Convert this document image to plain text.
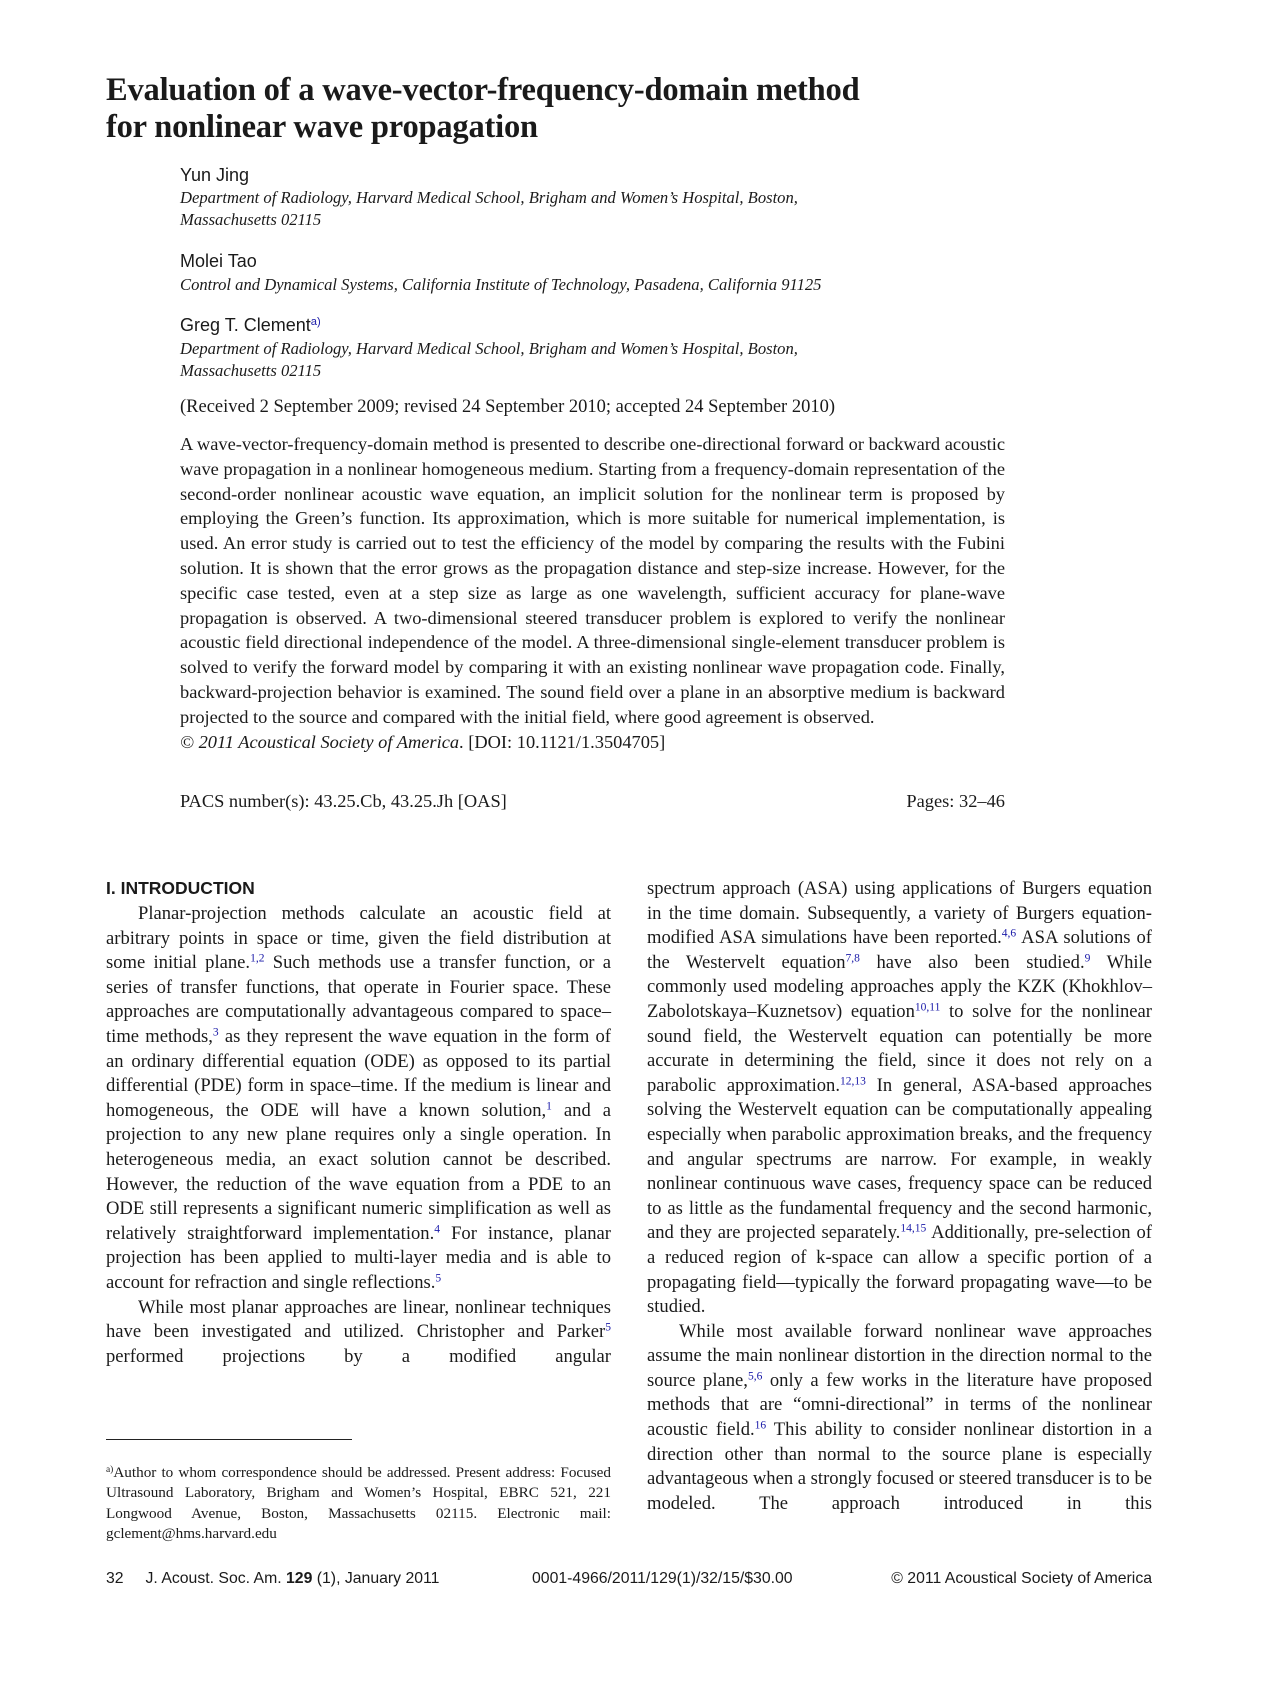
Evaluation of a wave-vector-frequency-domain method
for nonlinear wave propagation
Yun Jing
Department of Radiology, Harvard Medical School, Brigham and Women’s Hospital, Boston,
Massachusetts 02115
Molei Tao
Control and Dynamical Systems, California Institute of Technology, Pasadena, California 91125
Greg T. Clement$^{a)}$
Department of Radiology, Harvard Medical School, Brigham and Women’s Hospital, Boston,
Massachusetts 02115
(Received 2 September 2009; revised 24 September 2010; accepted 24 September 2010)
A wave-vector-frequency-domain method is presented to describe one-directional forward or backward acoustic wave propagation in a nonlinear homogeneous medium. Starting from a frequency-domain representation of the second-order nonlinear acoustic wave equation, an implicit solution for the nonlinear term is proposed by employing the Green’s function. Its approximation, which is more suitable for numerical implementation, is used. An error study is carried out to test the efficiency of the model by comparing the results with the Fubini solution. It is shown that the error grows as the propagation distance and step-size increase. However, for the specific case tested, even at a step size as large as one wavelength, sufficient accuracy for plane-wave propagation is observed. A two-dimensional steered transducer problem is explored to verify the nonlinear acoustic field directional independence of the model. A three-dimensional single-element transducer problem is solved to verify the forward model by comparing it with an existing nonlinear wave propagation code. Finally, backward-projection behavior is examined. The sound field over a plane in an absorptive medium is backward projected to the source and compared with the initial field, where good agreement is observed.
© 2011 Acoustical Society of America. [DOI: 10.1121/1.3504705]
PACS number(s): 43.25.Cb, 43.25.Jh [OAS]	Pages: 32–46
I. INTRODUCTION

Planar-projection methods calculate an acoustic field at arbitrary points in space or time, given the field distribution at some initial plane.$^{1,2}$ Such methods use a transfer function, or a series of transfer functions, that operate in Fourier space. These approaches are computationally advantageous compared to space–time methods,$^3$ as they represent the wave equation in the form of an ordinary differential equation (ODE) as opposed to its partial differential (PDE) form in space–time. If the medium is linear and homogeneous, the ODE will have a known solution,$^1$ and a projection to any new plane requires only a single operation. In heterogeneous media, an exact solution cannot be described. However, the reduction of the wave equation from a PDE to an ODE still represents a significant numeric simplification as well as relatively straightforward implementation.$^4$ For instance, planar projection has been applied to multi-layer media and is able to account for refraction and single reflections.$^5$

While most planar approaches are linear, nonlinear techniques have been investigated and utilized. Christopher and Parker$^5$ performed projections by a modified angular

spectrum approach (ASA) using applications of Burgers equation in the time domain. Subsequently, a variety of Burgers equation-modified ASA simulations have been reported.$^{4,6}$ ASA solutions of the Westervelt equation$^{7,8}$ have also been studied.$^9$ While commonly used modeling approaches apply the KZK (Khokhlov–Zabolotskaya–Kuznetsov) equation$^{10,11}$ to solve for the nonlinear sound field, the Westervelt equation can potentially be more accurate in determining the field, since it does not rely on a parabolic approximation.$^{12,13}$ In general, ASA-based approaches solving the Westervelt equation can be computationally appealing especially when parabolic approximation breaks, and the frequency and angular spectrums are narrow. For example, in weakly nonlinear continuous wave cases, frequency space can be reduced to as little as the fundamental frequency and the second harmonic, and they are projected separately.$^{14,15}$ Additionally, pre-selection of a reduced region of k-space can allow a specific portion of a propagating field—typically the forward propagating wave—to be studied.

While most available forward nonlinear wave approaches assume the main nonlinear distortion in the direction normal to the source plane,$^{5,6}$ only a few works in the literature have proposed methods that are “omni-directional” in terms of the nonlinear acoustic field.$^{16}$ This ability to consider nonlinear distortion in a direction other than normal to the source plane is especially advantageous when a strongly focused or steered transducer is to be modeled. The approach introduced in this

$^{a)}$Author to whom correspondence should be addressed. Present address: Focused Ultrasound Laboratory, Brigham and Women’s Hospital, EBRC 521, 221 Longwood Avenue, Boston, Massachusetts 02115. Electronic mail: gclement@hms.harvard.edu
32 J. Acoust. Soc. Am. 129 (1), January 2011	0001-4966/2011/129(1)/32/15/$30.00	© 2011 Acoustical Society of America
